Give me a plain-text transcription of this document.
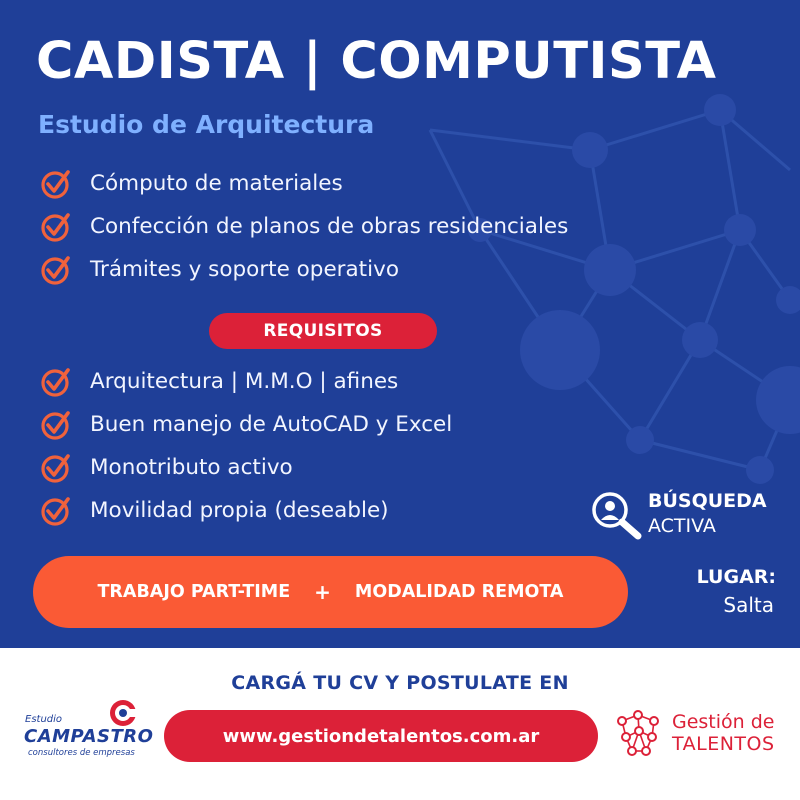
CADISTA | COMPUTISTA
Estudio de Arquitectura
Cómputo de materiales
Confección de planos de obras residenciales
Trámites y soporte operativo
REQUISITOS
Arquitectura | M.M.O | afines
Buen manejo de AutoCAD y Excel
Monotributo activo
Movilidad propia (deseable)	BÚSQUEDA
ACTIVA
TRABAJO PART-TIME + MODALIDAD REMOTA
LUGAR:
Salta
CARGÁ TU CV Y POSTULATE EN
www.gestiondetalentos.com.ar
Estudio
CAMPASTRO
consultores de empresas
Gestión de
TALENTOS
